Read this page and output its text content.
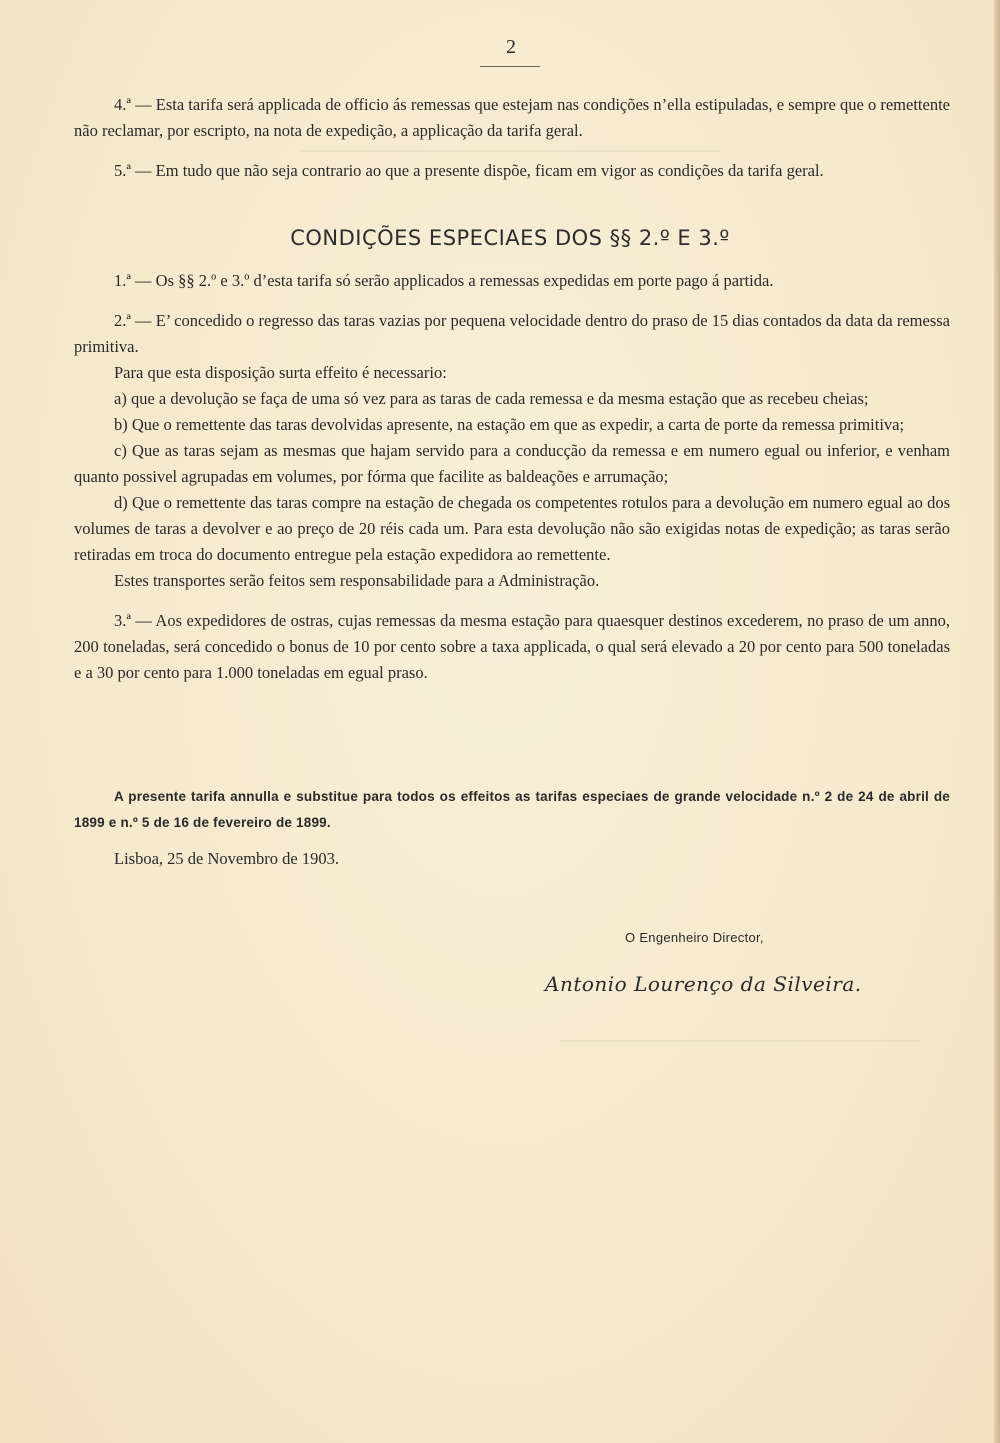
2

4.ª — Esta tarifa será applicada de officio ás remessas que estejam nas condições n’ella estipuladas, e sempre que o remettente não reclamar, por escripto, na nota de expedição, a applicação da tarifa geral.

5.ª — Em tudo que não seja contrario ao que a presente dispõe, ficam em vigor as condições da tarifa geral.

CONDIÇÕES ESPECIAES DOS §§ 2.º E 3.º

1.ª — Os §§ 2.º e 3.º d’esta tarifa só serão applicados a remessas expedidas em porte pago á partida.

2.ª — E’ concedido o regresso das taras vazias por pequena velocidade dentro do praso de 15 dias contados da data da remessa primitiva.

Para que esta disposição surta effeito é necessario:

a) que a devolução se faça de uma só vez para as taras de cada remessa e da mesma estação que as recebeu cheias;

b) Que o remettente das taras devolvidas apresente, na estação em que as expedir, a carta de porte da remessa primitiva;

c) Que as taras sejam as mesmas que hajam servido para a conducção da remessa e em numero egual ou inferior, e venham quanto possivel agrupadas em volumes, por fórma que facilite as baldeações e arrumação;

d) Que o remettente das taras compre na estação de chegada os competentes rotulos para a devolução em numero egual ao dos volumes de taras a devolver e ao preço de 20 réis cada um. Para esta devolução não são exigidas notas de expedição; as taras serão retiradas em troca do documento entregue pela estação expedidora ao remettente.

Estes transportes serão feitos sem responsabilidade para a Administração.

3.ª — Aos expedidores de ostras, cujas remessas da mesma estação para quaesquer destinos excederem, no praso de um anno, 200 toneladas, será concedido o bonus de 10 por cento sobre a taxa applicada, o qual será elevado a 20 por cento para 500 toneladas e a 30 por cento para 1.000 toneladas em egual praso.

A presente tarifa annulla e substitue para todos os effeitos as tarifas especiaes de grande velocidade n.º 2 de 24 de abril de 1899 e n.º 5 de 16 de fevereiro de 1899.
Lisboa, 25 de Novembro de 1903.
O Engenheiro Director,
Antonio Lourenço da Silveira.
